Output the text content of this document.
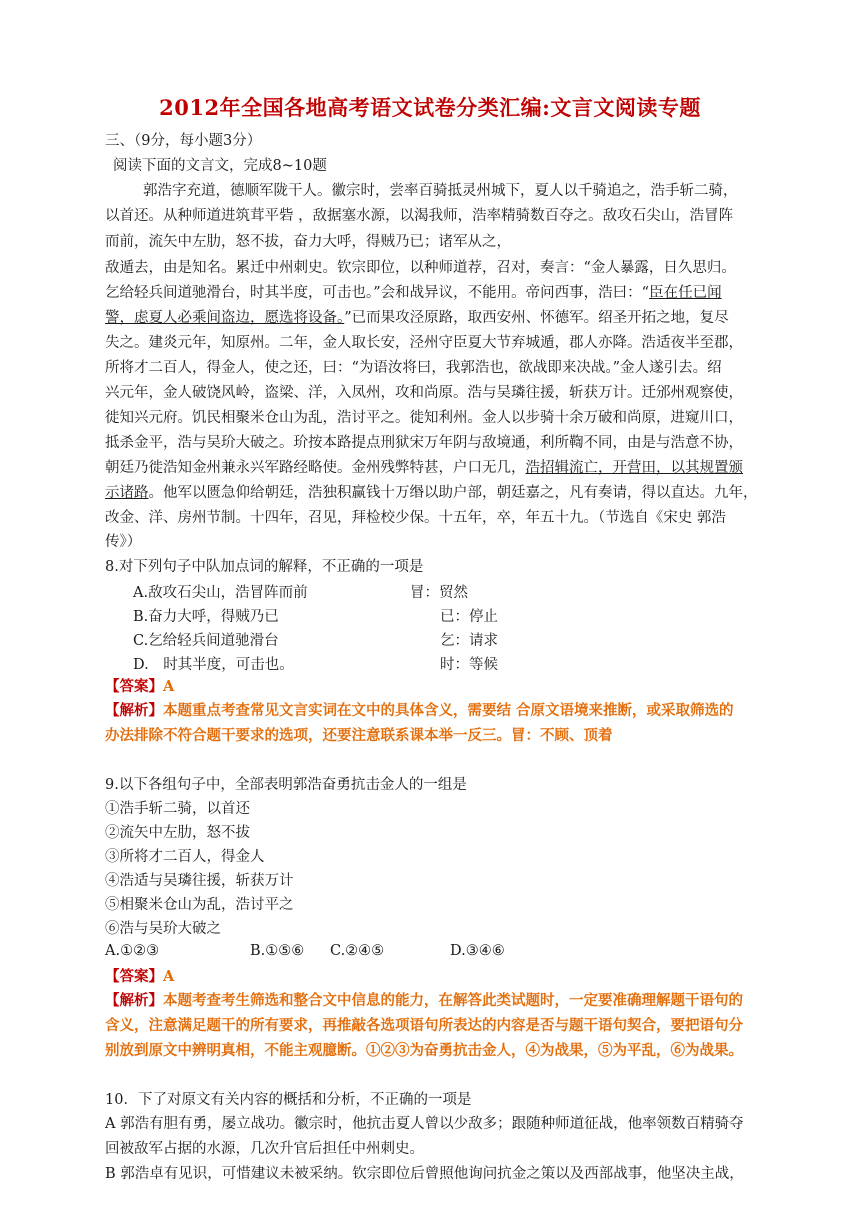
2012年全国各地高考语文试卷分类汇编:文言文阅读专题
三、（9分，每小题3分）
阅读下面的文言文，完成8~10题
郭浩字充道，德顺军陇干人。徽宗时，尝率百骑抵灵州城下，夏人以千骑追之，浩手斩二骑，
以首还。从种师道进筑茸平砦 ，敌据塞水源，以渴我师，浩率精骑数百夺之。敌攻石尖山，浩冒阵
而前，流矢中左肋，怒不拔，奋力大呼，得贼乃已；诸军从之，
敌遁去，由是知名。累迁中州刺史。钦宗即位，以种师道荐，召对，奏言：“金人暴露，日久思归。
乞给轻兵间道驰滑台，时其半度，可击也。”会和战异议，不能用。帝问西事，浩曰：“臣在任已闻
警，虑夏人必乘间盗边，愿选将设备。”已而果攻泾原路，取西安州、怀德军。绍圣开拓之地，复尽
失之。建炎元年，知原州。二年，金人取长安，泾州守臣夏大节弃城遁，郡人亦降。浩适夜半至郡，
所将才二百人，得金人，使之还，曰：“为语汝将曰，我郭浩也，欲战即来决战。”金人遂引去。绍
兴元年，金人破饶风岭，盗梁、洋，入凤州，攻和尚原。浩与吴璘往援，斩获万计。迁邠州观察使，
徙知兴元府。饥民相聚米仓山为乱，浩讨平之。徙知利州。金人以步骑十余万破和尚原，进窥川口，
抵杀金平，浩与吴玠大破之。玠按本路提点刑狱宋万年阴与敌境通，利所鞫不同，由是与浩意不协，
朝廷乃徙浩知金州兼永兴军路经略使。金州残弊特甚，户口无几，浩招辑流亡，开营田，以其规置颁
示诸路。他军以匮急仰给朝廷，浩独积赢钱十万缗以助户部，朝廷嘉之，凡有奏请，得以直达。九年，
改金、洋、房州节制。十四年，召见，拜检校少保。十五年，卒，年五十九。（节选自《宋史 郭浩
传》）
8.对下列句子中队加点词的解释，不正确的一项是
A.敌攻石尖山，浩冒阵而前	冒：贸然
B.奋力大呼，得贼乃已	已：停止
C.乞给轻兵间道驰滑台	乞：请求
D.　时其半度，可击也。	时：等候
【答案】A
【解析】本题重点考查常见文言实词在文中的具体含义，需要结 合原文语境来推断，或采取筛选的
办法排除不符合题干要求的选项，还要注意联系课本举一反三。冒：不顾、顶着
9.以下各组句子中，全部表明郭浩奋勇抗击金人的一组是
①浩手斩二骑，以首还
②流矢中左肋，怒不拔
③所将才二百人，得金人
④浩适与吴璘往援，斩获万计
⑤相聚米仓山为乱，浩讨平之
⑥浩与吴玠大破之
A.①②③	B.①⑤⑥ C.②④⑤	D.③④⑥
【答案】A
【解析】本题考查考生筛选和整合文中信息的能力，在解答此类试题时，一定要准确理解题干语句的
含义，注意满足题干的所有要求，再推敲各选项语句所表达的内容是否与题干语句契合，要把语句分
别放到原文中辨明真相，不能主观臆断。①②③为奋勇抗击金人，④为战果，⑤为平乱，⑥为战果。
10．下了对原文有关内容的概括和分析，不正确的一项是
A 郭浩有胆有勇，屡立战功。徽宗时，他抗击夏人曾以少敌多；跟随种师道征战，他率领数百精骑夺
回被敌军占据的水源，几次升官后担任中州刺史。
B 郭浩卓有见识，可惜建议未被采纳。钦宗即位后曾照他询问抗金之策以及西部战事，他坚决主战，
